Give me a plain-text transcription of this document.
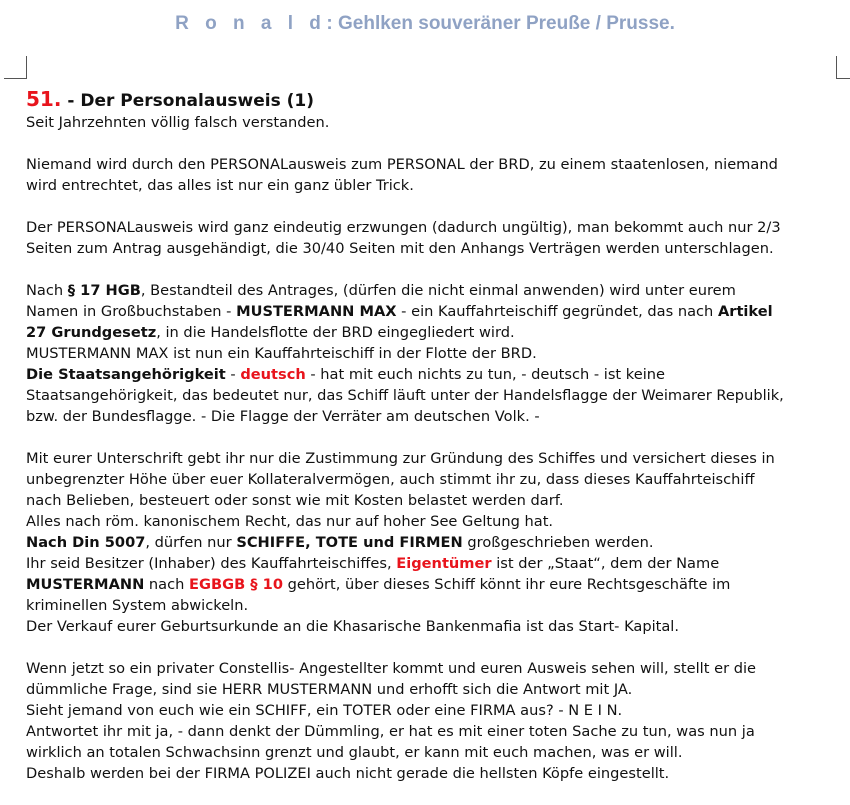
R o n a l d: Gehlken souveräner Preuße / Prusse.
51. - Der Personalausweis (1)
Seit Jahrzehnten völlig falsch verstanden.
Niemand wird durch den PERSONALausweis zum PERSONAL der BRD, zu einem staatenlosen, niemand
wird entrechtet, das alles ist nur ein ganz übler Trick.
Der PERSONALausweis wird ganz eindeutig erzwungen (dadurch ungültig), man bekommt auch nur 2/3
Seiten zum Antrag ausgehändigt, die 30/40 Seiten mit den Anhangs Verträgen werden unterschlagen.
Nach § 17 HGB, Bestandteil des Antrages, (dürfen die nicht einmal anwenden) wird unter eurem
Namen in Großbuchstaben - MUSTERMANN MAX - ein Kauffahrteischiff gegründet, das nach Artikel
27 Grundgesetz, in die Handelsflotte der BRD eingegliedert wird.
MUSTERMANN MAX ist nun ein Kauffahrteischiff in der Flotte der BRD.
Die Staatsangehörigkeit - deutsch - hat mit euch nichts zu tun, - deutsch - ist keine
Staatsangehörigkeit, das bedeutet nur, das Schiff läuft unter der Handelsflagge der Weimarer Republik,
bzw. der Bundesflagge. - Die Flagge der Verräter am deutschen Volk. -
Mit eurer Unterschrift gebt ihr nur die Zustimmung zur Gründung des Schiffes und versichert dieses in
unbegrenzter Höhe über euer Kollateralvermögen, auch stimmt ihr zu, dass dieses Kauffahrteischiff
nach Belieben, besteuert oder sonst wie mit Kosten belastet werden darf.
Alles nach röm. kanonischem Recht, das nur auf hoher See Geltung hat.
Nach Din 5007, dürfen nur SCHIFFE, TOTE und FIRMEN großgeschrieben werden.
Ihr seid Besitzer (Inhaber) des Kauffahrteischiffes, Eigentümer ist der „Staat“, dem der Name
MUSTERMANN nach EGBGB § 10 gehört, über dieses Schiff könnt ihr eure Rechtsgeschäfte im
kriminellen System abwickeln.
Der Verkauf eurer Geburtsurkunde an die Khasarische Bankenmafia ist das Start- Kapital.
Wenn jetzt so ein privater Constellis- Angestellter kommt und euren Ausweis sehen will, stellt er die
dümmliche Frage, sind sie HERR MUSTERMANN und erhofft sich die Antwort mit JA.
Sieht jemand von euch wie ein SCHIFF, ein TOTER oder eine FIRMA aus? - N E I N.
Antwortet ihr mit ja, - dann denkt der Dümmling, er hat es mit einer toten Sache zu tun, was nun ja
wirklich an totalen Schwachsinn grenzt und glaubt, er kann mit euch machen, was er will.
Deshalb werden bei der FIRMA POLIZEI auch nicht gerade die hellsten Köpfe eingestellt.
